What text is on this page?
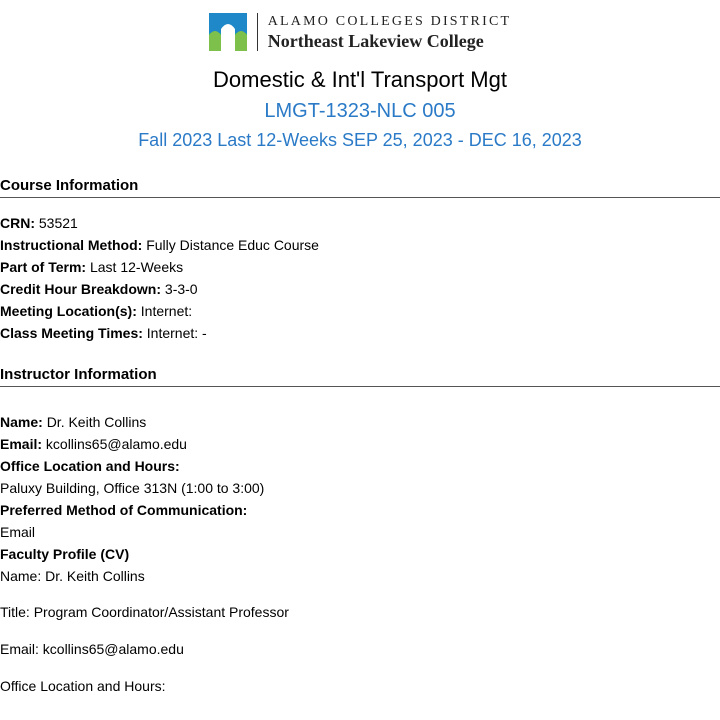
ALAMO COLLEGES DISTRICT
Northeast Lakeview College
Domestic & Int'l Transport Mgt
LMGT-1323-NLC 005
Fall 2023 Last 12-Weeks SEP 25, 2023 - DEC 16, 2023
Course Information

CRN: 53521

Instructional Method: Fully Distance Educ Course

Part of Term: Last 12-Weeks

Credit Hour Breakdown: 3-3-0

Meeting Location(s): Internet:

Class Meeting Times: Internet: -

Instructor Information

Name: Dr. Keith Collins

Email: kcollins65@alamo.edu

Office Location and Hours:

Paluxy Building, Office 313N (1:00 to 3:00)

Preferred Method of Communication:

Email

Faculty Profile (CV)

Name: Dr. Keith Collins

Title: Program Coordinator/Assistant Professor

Email: kcollins65@alamo.edu

Office Location and Hours:
